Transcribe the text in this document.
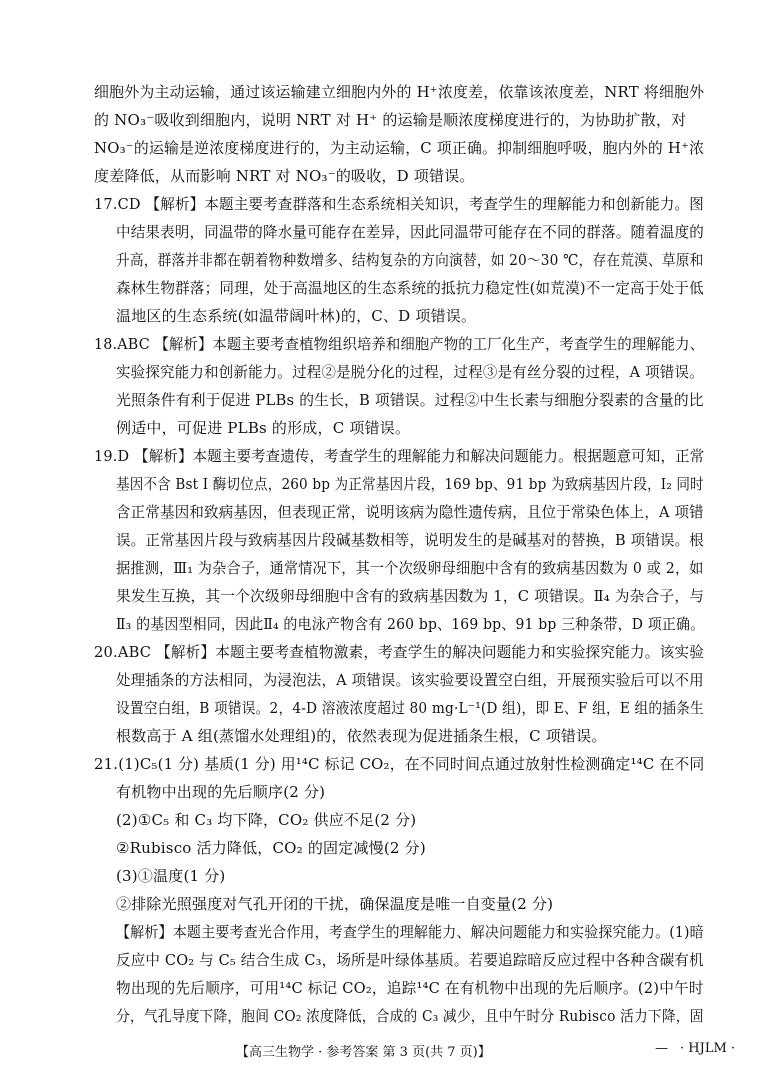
细胞外为主动运输，通过该运输建立细胞内外的 H⁺浓度差，依靠该浓度差，NRT 将细胞外
的 NO₃⁻吸收到细胞内，说明 NRT 对 H⁺ 的运输是顺浓度梯度进行的，为协助扩散，对
NO₃⁻的运输是逆浓度梯度进行的，为主动运输，C 项正确。抑制细胞呼吸，胞内外的 H⁺浓
度差降低，从而影响 NRT 对 NO₃⁻的吸收，D 项错误。
17.CD 【解析】本题主要考查群落和生态系统相关知识，考查学生的理解能力和创新能力。图
中结果表明，同温带的降水量可能存在差异，因此同温带可能存在不同的群落。随着温度的
升高，群落并非都在朝着物种数增多、结构复杂的方向演替，如 20～30 ℃，存在荒漠、草原和
森林生物群落；同理，处于高温地区的生态系统的抵抗力稳定性(如荒漠)不一定高于处于低
温地区的生态系统(如温带阔叶林)的，C、D 项错误。
18.ABC 【解析】本题主要考查植物组织培养和细胞产物的工厂化生产，考查学生的理解能力、
实验探究能力和创新能力。过程②是脱分化的过程，过程③是有丝分裂的过程，A 项错误。
光照条件有利于促进 PLBs 的生长，B 项错误。过程②中生长素与细胞分裂素的含量的比
例适中，可促进 PLBs 的形成，C 项错误。
19.D 【解析】本题主要考查遗传，考查学生的理解能力和解决问题能力。根据题意可知，正常
基因不含 Bst Ⅰ 酶切位点，260 bp 为正常基因片段，169 bp、91 bp 为致病基因片段，Ⅰ₂ 同时
含正常基因和致病基因，但表现正常，说明该病为隐性遗传病，且位于常染色体上，A 项错
误。正常基因片段与致病基因片段碱基数相等，说明发生的是碱基对的替换，B 项错误。根
据推测，Ⅲ₁ 为杂合子，通常情况下，其一个次级卵母细胞中含有的致病基因数为 0 或 2，如
果发生互换，其一个次级卵母细胞中含有的致病基因数为 1，C 项错误。Ⅱ₄ 为杂合子，与
Ⅱ₃ 的基因型相同，因此Ⅱ₄ 的电泳产物含有 260 bp、169 bp、91 bp 三种条带，D 项正确。
20.ABC 【解析】本题主要考查植物激素，考查学生的解决问题能力和实验探究能力。该实验
处理插条的方法相同，为浸泡法，A 项错误。该实验要设置空白组，开展预实验后可以不用
设置空白组，B 项错误。2，4-D 溶液浓度超过 80 mg·L⁻¹(D 组)，即 E、F 组，E 组的插条生
根数高于 A 组(蒸馏水处理组)的，依然表现为促进插条生根，C 项错误。
21.(1)C₅(1 分) 基质(1 分) 用¹⁴C 标记 CO₂，在不同时间点通过放射性检测确定¹⁴C 在不同
有机物中出现的先后顺序(2 分)
(2)①C₅ 和 C₃ 均下降，CO₂ 供应不足(2 分)
②Rubisco 活力降低，CO₂ 的固定减慢(2 分)
(3)①温度(1 分)
②排除光照强度对气孔开闭的干扰，确保温度是唯一自变量(2 分)
【解析】本题主要考查光合作用，考查学生的理解能力、解决问题能力和实验探究能力。(1)暗
反应中 CO₂ 与 C₅ 结合生成 C₃，场所是叶绿体基质。若要追踪暗反应过程中各种含碳有机
物出现的先后顺序，可用¹⁴C 标记 CO₂，追踪¹⁴C 在有机物中出现的先后顺序。(2)中午时
分，气孔导度下降，胞间 CO₂ 浓度降低，合成的 C₃ 减少，且中午时分 Rubisco 活力下降，固
【高三生物学 · 参考答案 第 3 页(共 7 页)】	— · HJLM ·
